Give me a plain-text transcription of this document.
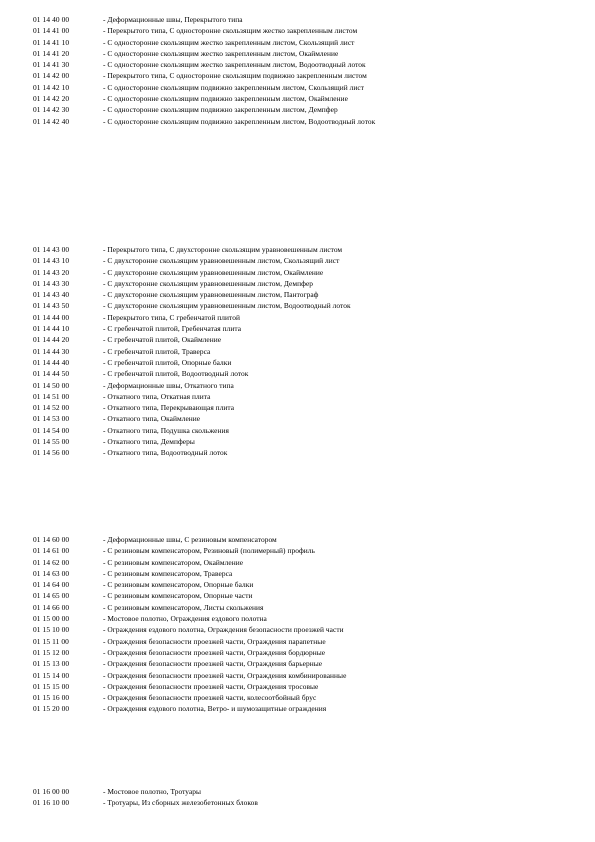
01 14 40 00	- Деформационные швы, Перекрытого типа
01 14 41 00	- Перекрытого типа, С односторонне скользящим жестко закрепленным листом
01 14 41 10	- С односторонне скользящим жестко закрепленным листом, Скользящий лист
01 14 41 20	- С односторонне скользящим жестко закрепленным листом, Окаймление
01 14 41 30	- С односторонне скользящим жестко закрепленным листом, Водоотводный лоток
01 14 42 00	- Перекрытого типа, С односторонне скользящим подвижно закрепленным листом
01 14 42 10	- С односторонне скользящим подвижно закрепленным листом, Скользящий лист
01 14 42 20	- С односторонне скользящим подвижно закрепленным листом, Окаймление
01 14 42 30	- С односторонне скользящим подвижно закрепленным листом, Демпфер
01 14 42 40	- С односторонне скользящим подвижно закрепленным листом, Водоотводный лоток
01 14 43 00	- Перекрытого типа, С двухсторонне скользящим уравновешенным листом
01 14 43 10	- С двухсторонне скользящим уравновешенным листом, Скользящий лист
01 14 43 20	- С двухсторонне скользящим уравновешенным листом, Окаймление
01 14 43 30	- С двухсторонне скользящим уравновешенным листом, Демпфер
01 14 43 40	- С двухсторонне скользящим уравновешенным листом, Пантограф
01 14 43 50	- С двухсторонне скользящим уравновешенным листом, Водоотводный лоток
01 14 44 00	- Перекрытого типа, С гребенчатой плитой
01 14 44 10	- С гребенчатой плитой, Гребенчатая плита
01 14 44 20	- С гребенчатой плитой, Окаймление
01 14 44 30	- С гребенчатой плитой, Траверса
01 14 44 40	- С гребенчатой плитой, Опорные балки
01 14 44 50	- С гребенчатой плитой, Водоотводный лоток
01 14 50 00	- Деформационные швы, Откатного типа
01 14 51 00	- Откатного типа, Откатная плита
01 14 52 00	- Откатного типа, Перекрывающая плита
01 14 53 00	- Откатного типа, Окаймление
01 14 54 00	- Откатного типа, Подушка скольжения
01 14 55 00	- Откатного типа, Демпферы
01 14 56 00	- Откатного типа, Водоотводный лоток
01 14 60 00	- Деформационные швы, С резиновым компенсатором
01 14 61 00	- С резиновым компенсатором, Резиновый (полимерный) профиль
01 14 62 00	- С резиновым компенсатором, Окаймление
01 14 63 00	- С резиновым компенсатором, Траверса
01 14 64 00	- С резиновым компенсатором, Опорные балки
01 14 65 00	- С резиновым компенсатором, Опорные части
01 14 66 00	- С резиновым компенсатором, Листы скольжения
01 15 00 00	- Мостовое полотно, Ограждения ездового полотна
01 15 10 00	- Ограждения ездового полотна, Ограждения безопасности проезжей части
01 15 11 00	- Ограждения безопасности проезжей части, Ограждения парапетные
01 15 12 00	- Ограждения безопасности проезжей части, Ограждения бордюрные
01 15 13 00	- Ограждения безопасности проезжей части, Ограждения барьерные
01 15 14 00	- Ограждения безопасности проезжей части, Ограждения комбинированные
01 15 15 00	- Ограждения безопасности проезжей части, Ограждения тросовые
01 15 16 00	- Ограждения безопасности проезжей части, колесоотбойный брус
01 15 20 00	- Ограждения ездового полотна, Ветро- и шумозащитные ограждения
01 16 00 00	- Мостовое полотно, Тротуары
01 16 10 00	- Тротуары, Из сборных железобетонных блоков
